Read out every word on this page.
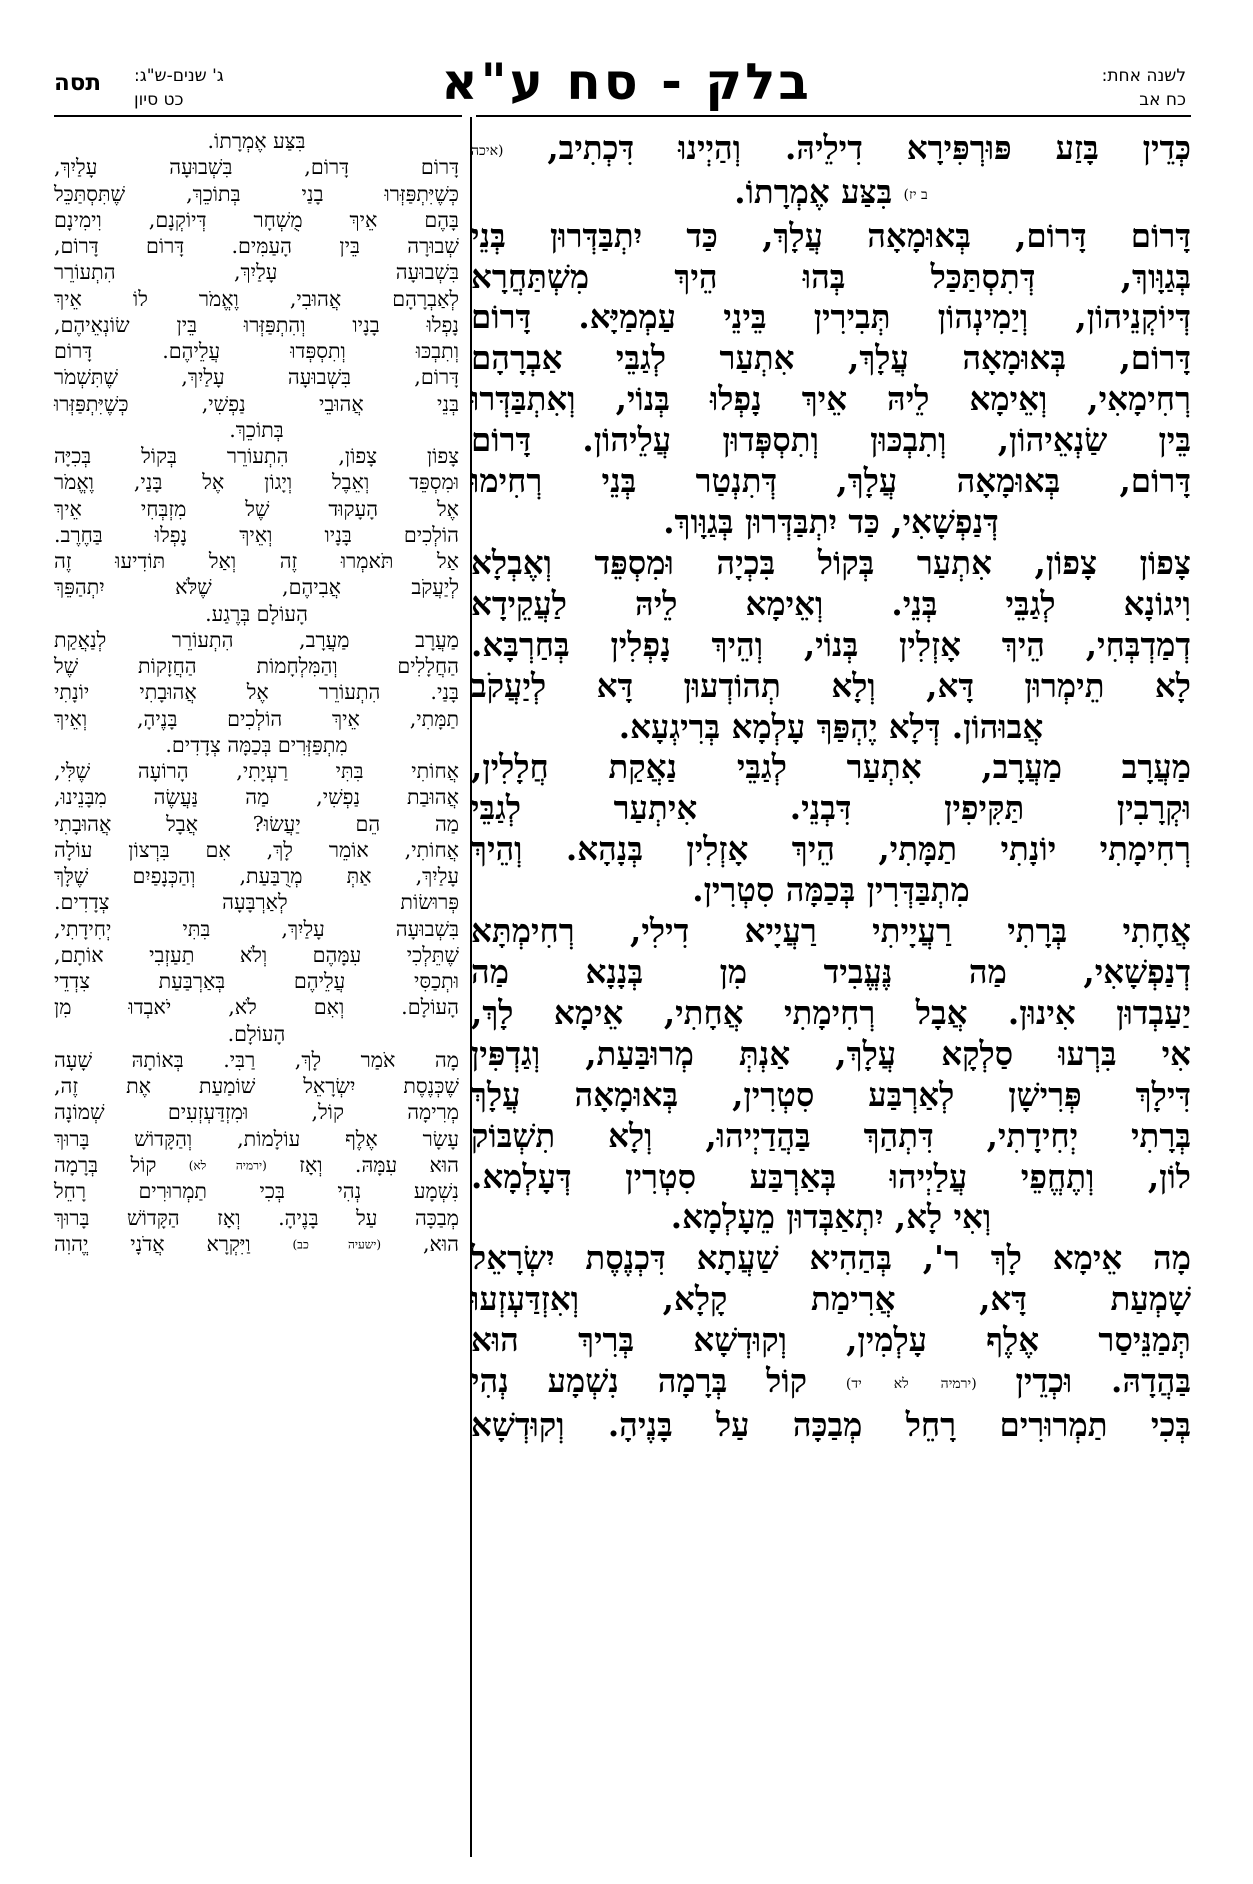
בלק - סח ע"א	לשנה אחת:
כח אב
ג' שנים-ש"ג:
כט סיון
תסה

כְּדֵין בָּזַע פּוּרְפִּירָא דִילֵיהּ. וְהַיְינוּ דִּכְתִיב, (איכה

ב יז) בִּצַּע אֶמְרָתוֹ.

דָּרוֹם דָּרוֹם, בְּאוּמָאָה עֲלָךְ, כַּד יִתְבַּדְּרוּן בְּנֵי

בְּגַוָּוךְ, דְּתִסְתַּכַּל בְּהוּ הֵיךְ מִשְׁתַּחֲרָא

דְּיוֹקְנֵיהוֹן, וְיַמִינְהוֹן תְּבִירִין בֵּינֵי עַמְמַיָּא. דָּרוֹם

דָּרוֹם, בְּאוּמָאָה עֲלָךְ, אִתְעַר לְגַבֵּי אַבְרָהָם

רְחִימָאִי, וְאֵימָא לֵיהּ אֵיךְ נָפְלוּ בְּנוֹי, וְאִתְבַּדְּרוּ

בֵּין שַׂנְאֵיהוֹן, וְתִבְכּוּן וְתִסְפְּדוּן עֲלֵיהוֹן. דָּרוֹם

דָּרוֹם, בְּאוּמָאָה עֲלָךְ, דְּתִנְטַר בְּנֵי רְחִימוּ

דְּנַפְשָׁאִי, כַּד יִתְבַּדְּרוּן בְּגַוָּוךְ.

צָפוֹן צָפוֹן, אִתְעַר בְּקוֹל בִּכְיָה וּמִסְפֵּד וְאֶבְלָא

וִיגוֹנָא לְגַבֵּי בְּנֵי. וְאֵימָא לֵיהּ לַעֲקֵידָא

דְמַדְבְּחִי, הֵיךְ אָזְלִין בְּנוֹי, וְהֵיךְ נָפְלִין בְּחַרְבָּא.

לָא תֵימְרוּן דָּא, וְלָא תְהוֹדְעוּן דָּא לְיַעֲקֹב

אֲבוּהוֹן. דְּלָא יֶהְפַּךְ עָלְמָא בְּרִיגְעָא.

מַעֲרָב מַעֲרָב, אִתְעַר לְגַבֵּי נַאֲקַת חֲלָלִין,

וּקְרָבִין תַּקִּיפִין דִּבְנֵי. אִיתְעַר לְגַבֵּי

רְחִימָתִי יוֹנָתִי תַמָּתִי, הֵיךְ אָזְלִין בְּנָהָא. וְהֵיךְ

מִתְבַּדְּרִין בְּכַמָּה סִטְרִין.

אֲחָתִי בְּרָתִי רַעֲיָיתִי רַעֲיָיא דִילִי, רְחִימְתָּא

דְנַפְשָׁאִי, מַה נֶּעֱבִיד מִן בְּנָנָא מַה

יַעַבְדוּן אִינוּן. אֲבָל רְחִימָתִי אֲחָתִי, אֵימָא לָךְ,

אִי בִּרְעוּ סַלְקָא עֲלָךְ, אַנְתְּ מְרוּבַּעַת, וְגַדְפִּין

דִּילָךְ פְּרִישָׁן לְאַרְבַּע סִטְרִין, בְּאוּמָאָה עֲלָךְ

בְּרָתִי יְחִידָתִי, דִּתְהַךְ בַּהֲדַיְיהוּ, וְלָא תִשְׁבּוֹק

לוֹן, וְתֶחֱפֵי עֲלַיְיהוּ בְּאַרְבַּע סִטְרִין דְּעָלְמָא.

וְאִי לָא, יִתְאַבְּדוּן מֵעָלְמָא.

מָה אֵימָא לָךְ ר', בְּהַהִיא שַׁעֲתָא דִּכְנֶסֶת יִשְׂרָאֵל

שָׁמְעַת דָּא, אֲרִימַת קָלָא, וְאִזְדַּעְזְעוּ

תְּמַנֵּיסַר אֶלֶף עָלְמִין, וְקוּדְשָׁא בְּרִיךְ הוּא

בַּהֲדָהּ. וּכְדֵין (ירמיה לא יד) קוֹל בְּרָמָה נִשְׁמָע נְהִי

בְּכִי תַמְרוּרִים רָחֵל מְבַכָּה עַל בָּנֶיהָ. וְקוּדְשָׁא

בִּצַּע אֶמְרָתוֹ.

דָּרוֹם דָּרוֹם, בִּשְׁבוּעָה עָלַיִךְ,

כְּשֶׁיִּתְפַּזְּרוּ בָנַי בְּתוֹכֵךְ, שֶׁתִּסְתַּכֵּל

בָּהֶם אֵיךְ מֻשְׁחָר דְּיוֹקְנָם, וִימִינָם

שְׁבוּרָה בֵּין הָעַמִּים. דָּרוֹם דָּרוֹם,

בִּשְׁבוּעָה עָלַיִךְ, הִתְעוֹרֵר

לְאַבְרָהָם אֲהוּבִי, וֶאֱמֹר לוֹ אֵיךְ

נָפְלוּ בָנָיו וְהִתְפַּזְּרוּ בֵּין שׂוֹנְאֵיהֶם,

וְתִבְכּוּ וְתִסְפְּדוּ עֲלֵיהֶם. דָּרוֹם

דָּרוֹם, בִּשְׁבוּעָה עָלַיִךְ, שֶׁתִּשְׁמֹר

בְּנֵי אֲהוּבֵי נַפְשִׁי, כְּשֶׁיִּתְפַּזְּרוּ

בְּתוֹכֵךְ.

צָפוֹן צָפוֹן, הִתְעוֹרֵר בְּקוֹל בְּכִיָּה

וּמִסְפֵּד וְאֵבֶל וְיָגוֹן אֶל בָּנַי, וֶאֱמֹר

אֶל הָעָקוּד שֶׁל מִזְבְּחִי אֵיךְ

הוֹלְכִים בָּנָיו וְאֵיךְ נָפְלוּ בַּחֶרֶב.

אַל תֹּאמְרוּ זֶה וְאַל תּוֹדִיעוּ זֶה

לְיַעֲקֹב אֲבִיהֶם, שֶׁלֹּא יִתְהַפֵּךְ

הָעוֹלָם בְּרֶגַע.

מַעֲרָב מַעֲרָב, הִתְעוֹרֵר לְנַאֲקַת

הַחֲלָלִים וְהַמִּלְחָמוֹת הַחֲזָקוֹת שֶׁל

בָּנַי. הִתְעוֹרֵר אֶל אֲהוּבָתִי יוֹנָתִי

תַמָּתִי, אֵיךְ הוֹלְכִים בָּנֶיהָ, וְאֵיךְ

מִתְפַּזְּרִים בְּכַמָּה צְדָדִים.

אֲחוֹתִי בִּתִּי רַעְיָתִי, הָרוֹעָה שֶׁלִּי,

אֲהוּבַת נַפְשִׁי, מַה נַּעֲשֶׂה מִבָּנֵינוּ,

מַה הֵם יַעֲשׂוּ? אֲבָל אֲהוּבָתִי

אֲחוֹתִי, אוֹמֵר לָךְ, אִם בִּרְצוֹן עוֹלָה

עָלַיִךְ, אַתְּ מְרֻבַּעַת, וְהַכְּנָפַיִם שֶׁלָּךְ

פְּרוּשׂוֹת לְאַרְבָּעָה צְדָדִים.

בִּשְׁבוּעָה עָלַיִךְ, בִּתִּי יְחִידָתִי,

שֶׁתֵּלְכִי עִמָּהֶם וְלֹא תַעַזְבִי אוֹתָם,

וּתְכַסִּי עֲלֵיהֶם בְּאַרְבַּעַת צִדְדֵי

הָעוֹלָם. וְאִם לֹא, יֹאבְדוּ מִן

הָעוֹלָם.

מָה אֹמַר לָךְ, רַבִּי. בְּאוֹתָהּ שָׁעָה

שֶׁכְּנֶסֶת יִשְׂרָאֵל שׁוֹמַעַת אֶת זֶה,

מְרִימָה קוֹל, וּמִזְדַּעְזְעִים שְׁמוֹנָה

עָשָׂר אֶלֶף עוֹלָמוֹת, וְהַקָּדוֹשׁ בָּרוּךְ

הוּא עִמָּהּ. וְאָז (ירמיה לא) קוֹל בְּרָמָה

נִשְׁמָע נְהִי בְּכִי תַמְרוּרִים רָחֵל

מְבַכָּה עַל בָּנֶיהָ. וְאָז הַקָּדוֹשׁ בָּרוּךְ

הוּא, (ישעיה כב) וַיִּקְרָא אֲדֹנָי יֱהוִה
